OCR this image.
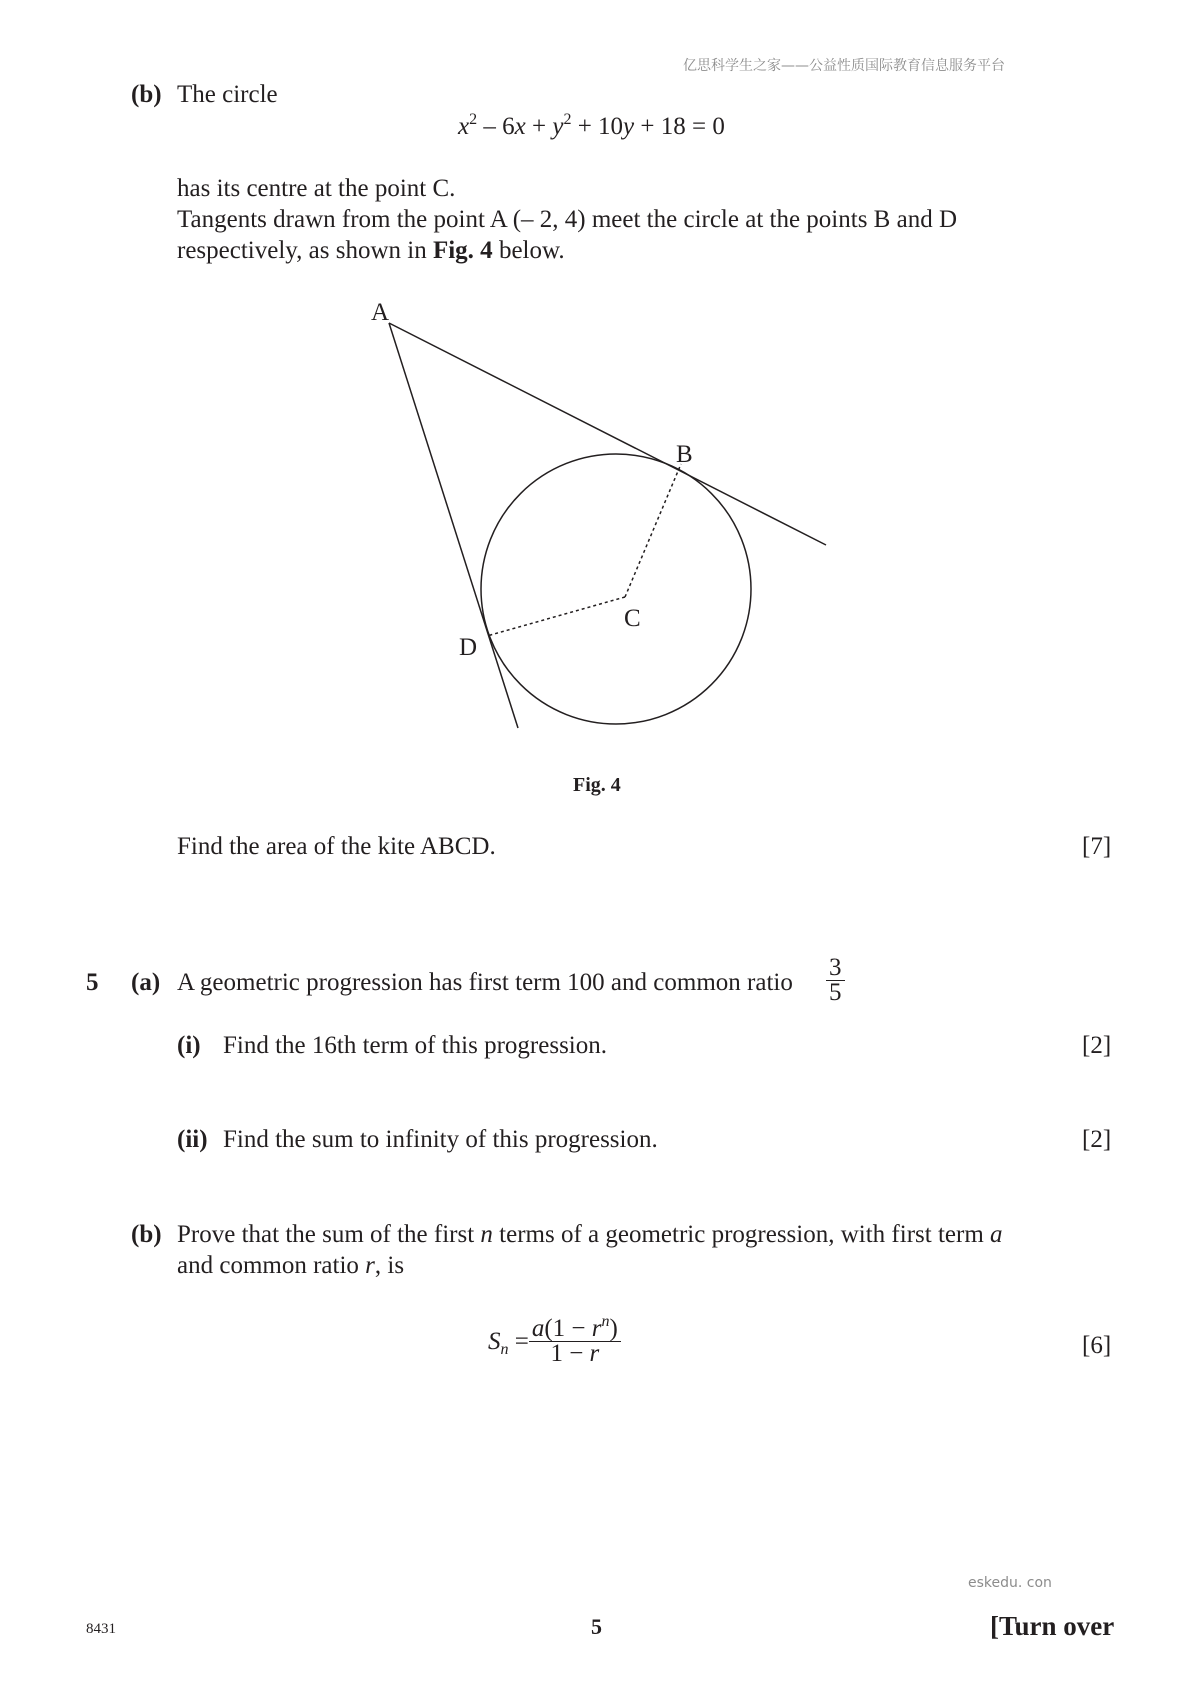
亿思科学生之家——公益性质国际教育信息服务平台
eskedu. con
(b) The circle
$x^2 - 6x + y^2 + 10y + 18 = 0$
has its centre at the point C.
Tangents drawn from the point A (– 2, 4) meet the circle at the points B and D
respectively, as shown in Fig. 4 below.
A
B
C
D
Fig. 4
Find the area of the kite ABCD.	[7]
5 (a) A geometric progression has first term 100 and common ratio $\frac{3}{5}$
(i) Find the 16th term of this progression.	[2]
(ii) Find the sum to infinity of this progression.	[2]
(b) Prove that the sum of the first n terms of a geometric progression, with first term a
and common ratio r, is
$S_n = \frac{a(1 - r^n)}{1 - r}$	[6]
8431	5	[Turn over
